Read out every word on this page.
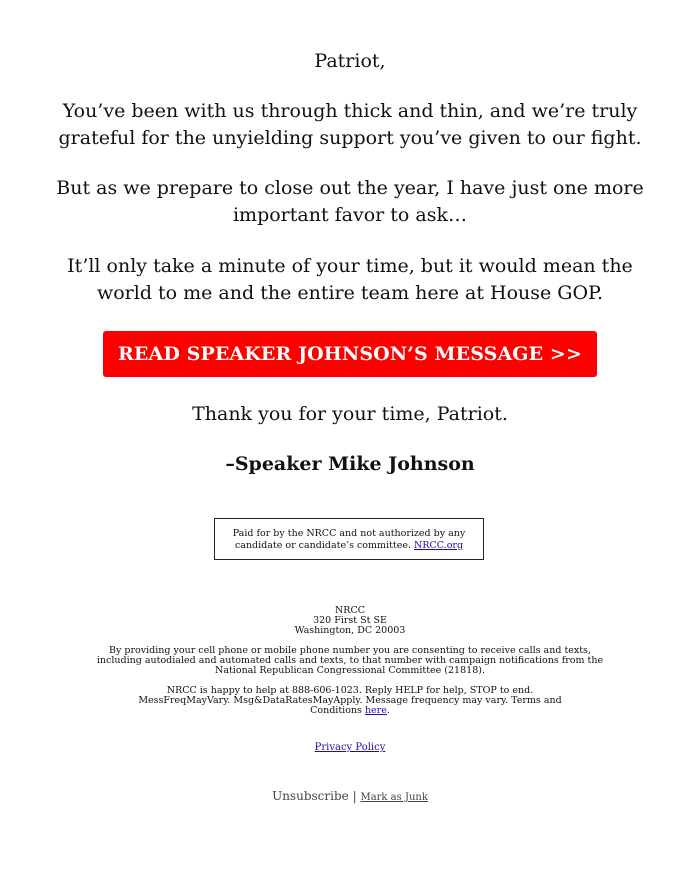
Patriot,

You’ve been with us through thick and thin, and we’re truly grateful for the unyielding support you’ve given to our fight.

But as we prepare to close out the year, I have just one more important favor to ask…

It’ll only take a minute of your time, but it would mean the world to me and the entire team here at House GOP.

READ SPEAKER JOHNSON’S MESSAGE >>

Thank you for your time, Patriot.

–Speaker Mike Johnson
Paid for by the NRCC and not authorized by any candidate or candidate’s committee. NRCC.org

NRCC

320 First St SE

Washington, DC 20003

By providing your cell phone or mobile phone number you are consenting to receive calls and texts, including autodialed and automated calls and texts, to that number with campaign notifications from the National Republican Congressional Committee (21818).

NRCC is happy to help at 888-606-1023. Reply HELP for help, STOP to end. MessFreqMayVary. Msg&DataRatesMayApply. Message frequency may vary. Terms and Conditions here.

Privacy Policy
Unsubscribe | Mark as Junk
